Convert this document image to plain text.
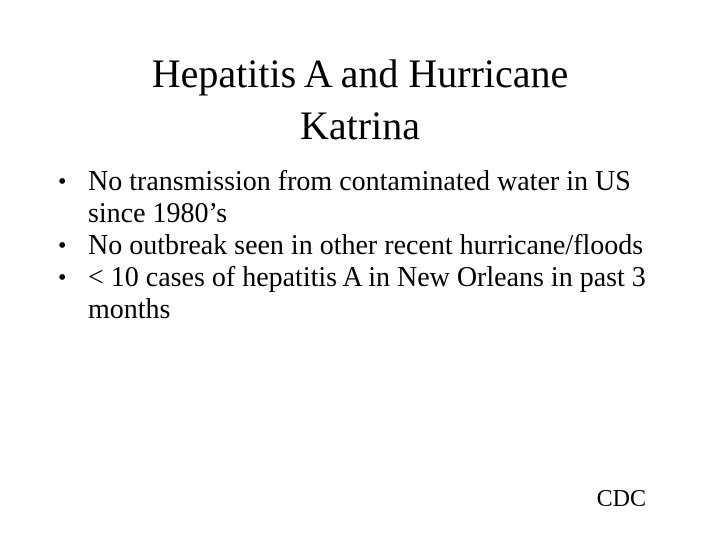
Hepatitis A and Hurricane
Katrina
• No transmission from contaminated water in US since 1980’s
• No outbreak seen in other recent hurricane/floods
• < 10 cases of hepatitis A in New Orleans in past 3 months
CDC
